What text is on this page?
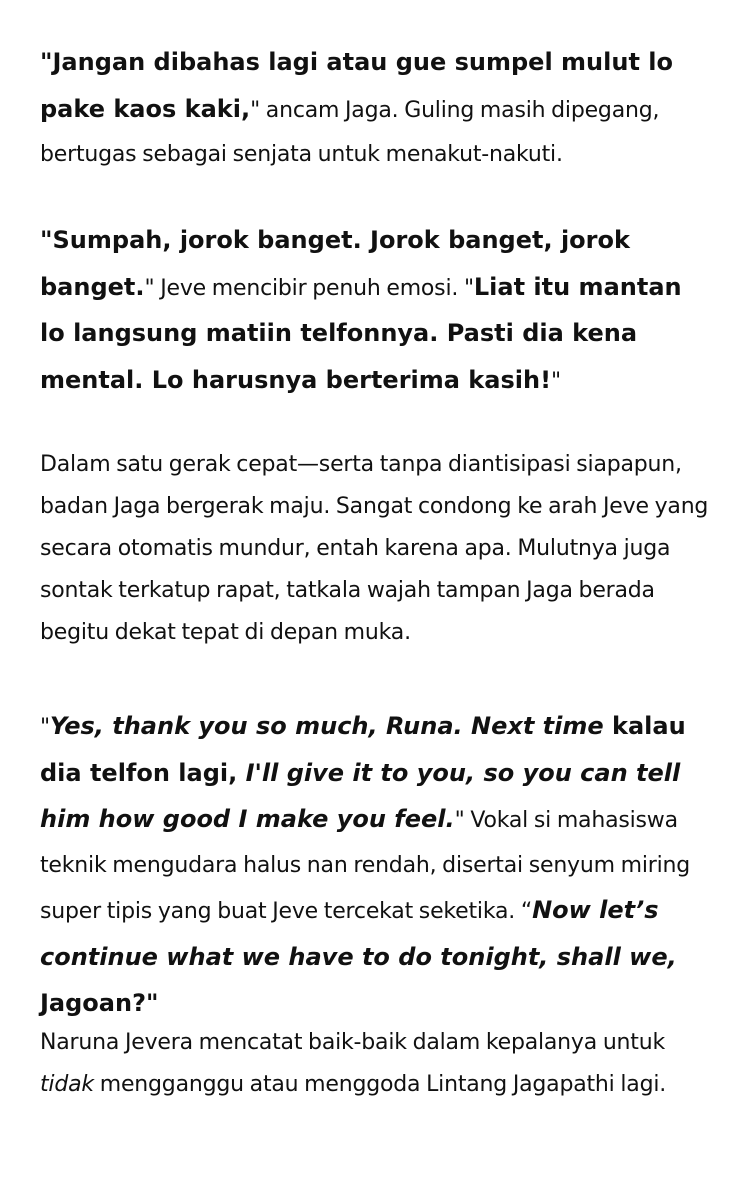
"Jangan dibahas lagi atau gue sumpel mulut lo pake kaos kaki," ancam Jaga. Guling masih dipegang, bertugas sebagai senjata untuk menakut-nakuti.

"Sumpah, jorok banget. Jorok banget, jorok banget." Jeve mencibir penuh emosi. "Liat itu mantan lo langsung matiin telfonnya. Pasti dia kena mental. Lo harusnya berterima kasih!"

Dalam satu gerak cepat—serta tanpa diantisipasi siapapun, badan Jaga bergerak maju. Sangat condong ke arah Jeve yang secara otomatis mundur, entah karena apa. Mulutnya juga sontak terkatup rapat, tatkala wajah tampan Jaga berada begitu dekat tepat di depan muka.

"Yes, thank you so much, Runa. Next time kalau dia telfon lagi, I'll give it to you, so you can tell him how good I make you feel." Vokal si mahasiswa teknik mengudara halus nan rendah, disertai senyum miring super tipis yang buat Jeve tercekat seketika. “Now let’s continue what we have to do tonight, shall we, Jagoan?"

Naruna Jevera mencatat baik-baik dalam kepalanya untuk tidak mengganggu atau menggoda Lintang Jagapathi lagi.
